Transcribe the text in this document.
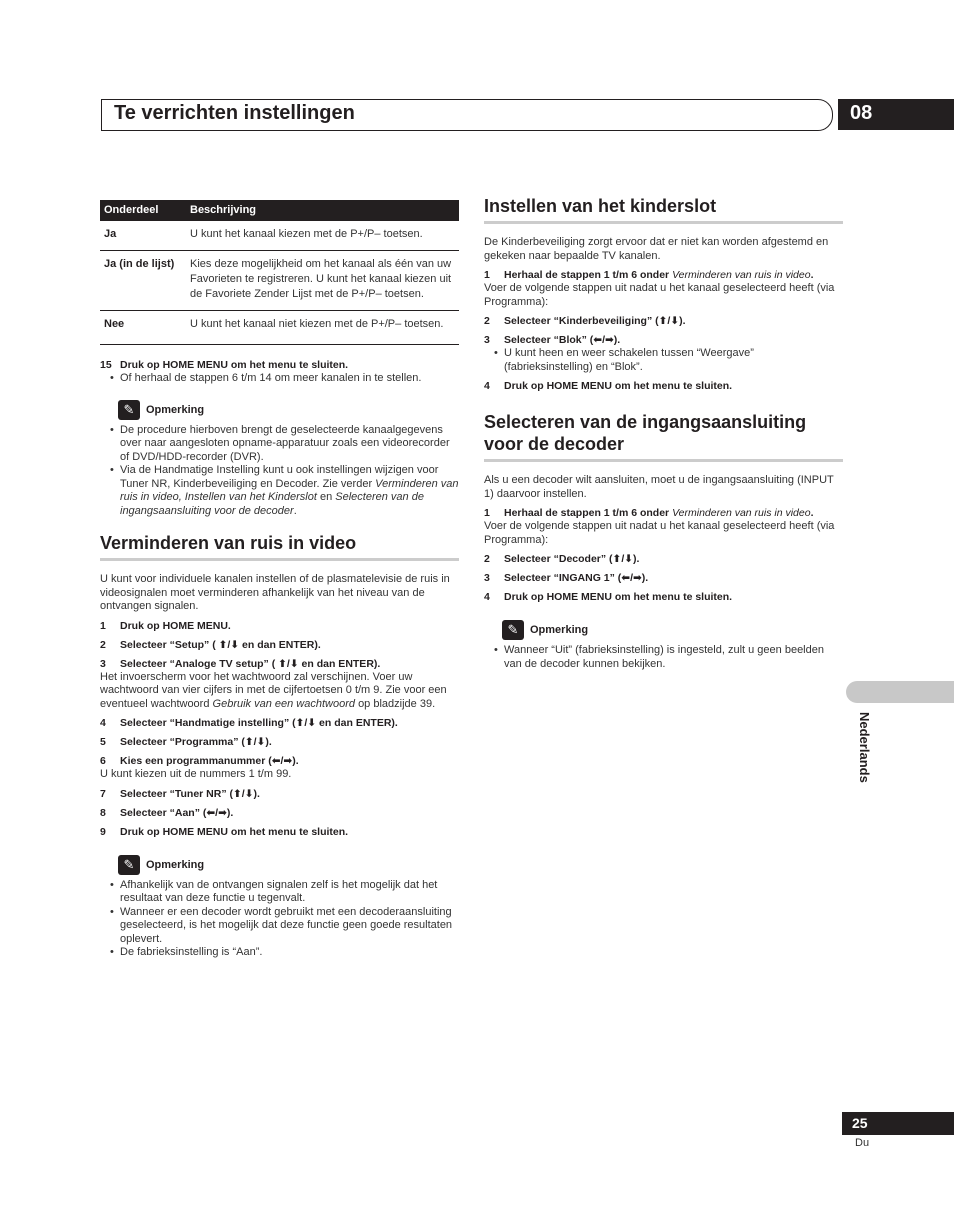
Te verrichten instellingen	08
Onderdeel	Beschrijving
Ja	U kunt het kanaal kiezen met de P+/P– toetsen.
Ja (in de lijst)	Kies deze mogelijkheid om het kanaal als één van uw Favorieten te registreren. U kunt het kanaal kiezen uit de Favoriete Zender Lijst met de P+/P– toetsen.
Nee	U kunt het kanaal niet kiezen met de P+/P– toetsen.
15 Druk op HOME MENU om het menu te sluiten.
• Of herhaal de stappen 6 t/m 14 om meer kanalen in te stellen.
✎ Opmerking
• De procedure hierboven brengt de geselecteerde kanaalgegevens over naar aangesloten opname-apparatuur zoals een videorecorder of DVD/HDD-recorder (DVR).
• Via de Handmatige Instelling kunt u ook instellingen wijzigen voor Tuner NR, Kinderbeveiliging en Decoder. Zie verder Verminderen van ruis in video, Instellen van het Kinderslot en Selecteren van de ingangsaansluiting voor de decoder.
Verminderen van ruis in video
U kunt voor individuele kanalen instellen of de plasmatelevisie de ruis in videosignalen moet verminderen afhankelijk van het niveau van de ontvangen signalen.
1 Druk op HOME MENU.
2 Selecteer “Setup” ( ⬆/⬇ en dan ENTER).
3 Selecteer “Analoge TV setup” ( ⬆/⬇ en dan ENTER).
Het invoerscherm voor het wachtwoord zal verschijnen. Voer uw wachtwoord van vier cijfers in met de cijfertoetsen 0 t/m 9. Zie voor een eventueel wachtwoord Gebruik van een wachtwoord op bladzijde 39.
4 Selecteer “Handmatige instelling” (⬆/⬇ en dan ENTER).
5 Selecteer “Programma” (⬆/⬇).
6 Kies een programmanummer (⬅/➡).
U kunt kiezen uit de nummers 1 t/m 99.
7 Selecteer “Tuner NR” (⬆/⬇).
8 Selecteer “Aan” (⬅/➡).
9 Druk op HOME MENU om het menu te sluiten.
✎ Opmerking
• Afhankelijk van de ontvangen signalen zelf is het mogelijk dat het resultaat van deze functie u tegenvalt.
• Wanneer er een decoder wordt gebruikt met een decoderaansluiting geselecteerd, is het mogelijk dat deze functie geen goede resultaten oplevert.
• De fabrieksinstelling is “Aan”.
Instellen van het kinderslot
De Kinderbeveiliging zorgt ervoor dat er niet kan worden afgestemd en gekeken naar bepaalde TV kanalen.
1 Herhaal de stappen 1 t/m 6 onder Verminderen van ruis in video.
Voer de volgende stappen uit nadat u het kanaal geselecteerd heeft (via Programma):
2 Selecteer “Kinderbeveiliging” (⬆/⬇).
3 Selecteer “Blok” (⬅/➡).
• U kunt heen en weer schakelen tussen “Weergave” (fabrieksinstelling) en “Blok”.
4 Druk op HOME MENU om het menu te sluiten.
Selecteren van de ingangsaansluiting voor de decoder
Als u een decoder wilt aansluiten, moet u de ingangsaansluiting (INPUT 1) daarvoor instellen.
1 Herhaal de stappen 1 t/m 6 onder Verminderen van ruis in video.
Voer de volgende stappen uit nadat u het kanaal geselecteerd heeft (via Programma):
2 Selecteer “Decoder” (⬆/⬇).
3 Selecteer “INGANG 1” (⬅/➡).
4 Druk op HOME MENU om het menu te sluiten.
✎ Opmerking
• Wanneer “Uit” (fabrieksinstelling) is ingesteld, zult u geen beelden van de decoder kunnen bekijken.
Nederlands
25
Du
